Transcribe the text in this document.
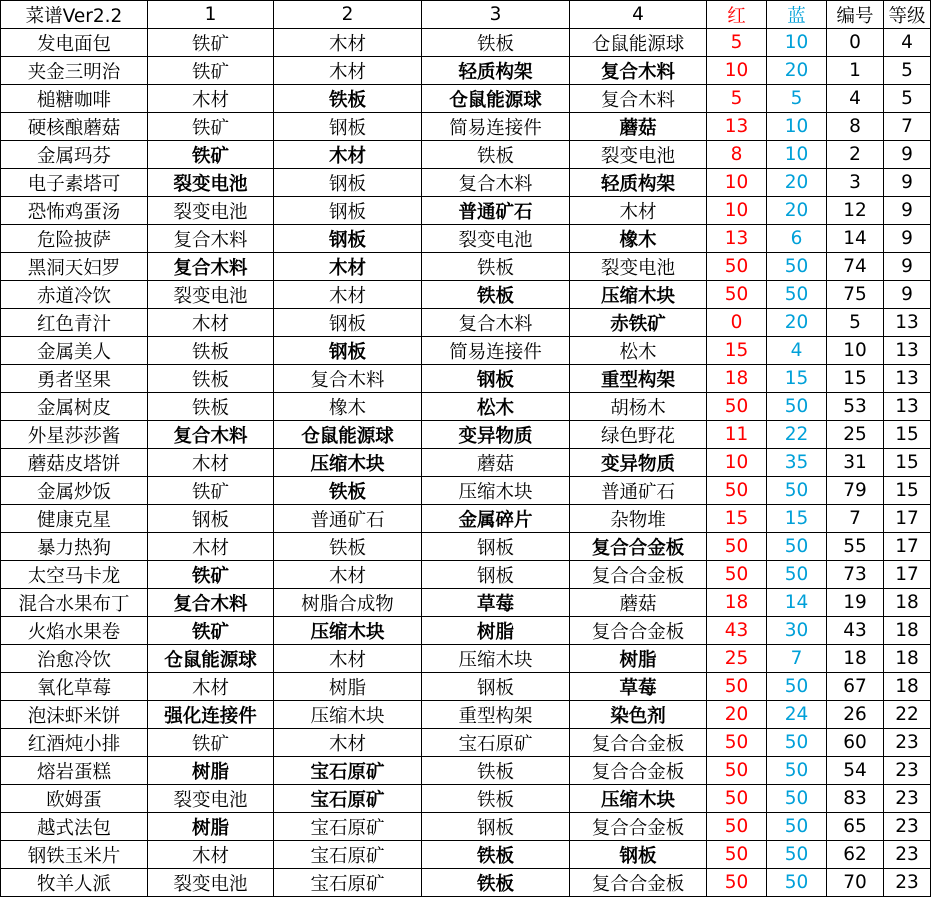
菜谱Ver2.2	1	2	3	4	红	蓝	编号	等级
发电面包	铁矿	木材	铁板	仓鼠能源球	5	10	0	4
夹金三明治	铁矿	木材	轻质构架	复合木料	10	20	1	5
槌糖咖啡	木材	铁板	仓鼠能源球	复合木料	5	5	4	5
硬核酿蘑菇	铁矿	钢板	简易连接件	蘑菇	13	10	8	7
金属玛芬	铁矿	木材	铁板	裂变电池	8	10	2	9
电子素塔可	裂变电池	钢板	复合木料	轻质构架	10	20	3	9
恐怖鸡蛋汤	裂变电池	钢板	普通矿石	木材	10	20	12	9
危险披萨	复合木料	钢板	裂变电池	橡木	13	6	14	9
黑洞天妇罗	复合木料	木材	铁板	裂变电池	50	50	74	9
赤道冷饮	裂变电池	木材	铁板	压缩木块	50	50	75	9
红色青汁	木材	钢板	复合木料	赤铁矿	0	20	5	13
金属美人	铁板	钢板	简易连接件	松木	15	4	10	13
勇者坚果	铁板	复合木料	钢板	重型构架	18	15	15	13
金属树皮	铁板	橡木	松木	胡杨木	50	50	53	13
外星莎莎酱	复合木料	仓鼠能源球	变异物质	绿色野花	11	22	25	15
蘑菇皮塔饼	木材	压缩木块	蘑菇	变异物质	10	35	31	15
金属炒饭	铁矿	铁板	压缩木块	普通矿石	50	50	79	15
健康克星	钢板	普通矿石	金属碎片	杂物堆	15	15	7	17
暴力热狗	木材	铁板	钢板	复合合金板	50	50	55	17
太空马卡龙	铁矿	木材	钢板	复合合金板	50	50	73	17
混合水果布丁	复合木料	树脂合成物	草莓	蘑菇	18	14	19	18
火焰水果卷	铁矿	压缩木块	树脂	复合合金板	43	30	43	18
治愈冷饮	仓鼠能源球	木材	压缩木块	树脂	25	7	18	18
氧化草莓	木材	树脂	钢板	草莓	50	50	67	18
泡沫虾米饼	强化连接件	压缩木块	重型构架	染色剂	20	24	26	22
红酒炖小排	铁矿	木材	宝石原矿	复合合金板	50	50	60	23
熔岩蛋糕	树脂	宝石原矿	铁板	复合合金板	50	50	54	23
欧姆蛋	裂变电池	宝石原矿	铁板	压缩木块	50	50	83	23
越式法包	树脂	宝石原矿	钢板	复合合金板	50	50	65	23
钢铁玉米片	木材	宝石原矿	铁板	钢板	50	50	62	23
牧羊人派	裂变电池	宝石原矿	铁板	复合合金板	50	50	70	23
